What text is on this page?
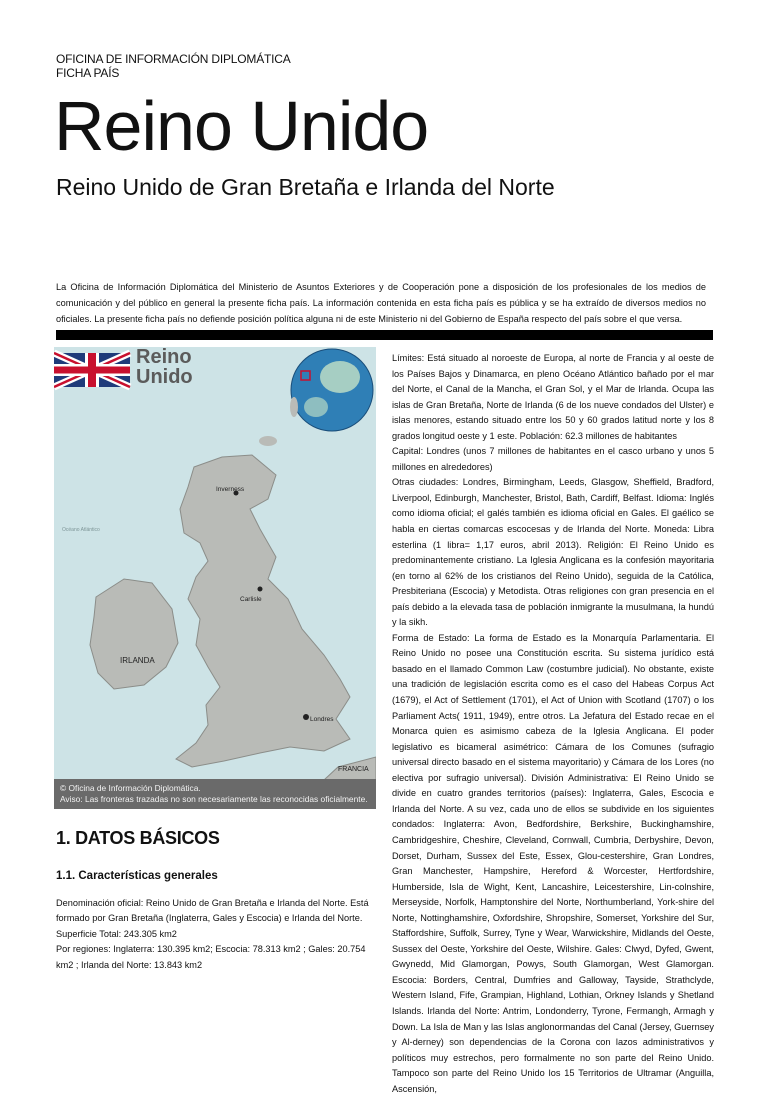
OFICINA DE INFORMACIÓN DIPLOMÁTICA
FICHA PAÍS
Reino Unido
Reino Unido de Gran Bretaña e Irlanda del Norte
La Oficina de Información Diplomática del Ministerio de Asuntos Exteriores y de Cooperación pone a disposición de los profesionales de los medios de comunicación y del público en general la presente ficha país. La información contenida en esta ficha país es pública y se ha extraído de diversos medios no oficiales. La presente ficha país no defiende posición política alguna ni de este Ministerio ni del Gobierno de España respecto del país sobre el que versa.
Inverness
Carlisle
IRLANDA
Londres
FRANCIA
Océano Atlántico
Reino
Unido
© Oficina de Información Diplomática.
Aviso: Las fronteras trazadas no son necesariamente las reconocidas oficialmente.
1. DATOS BÁSICOS
1.1. Características generales
Denominación oficial: Reino Unido de Gran Bretaña e Irlanda del Norte. Está formado por Gran Bretaña (Inglaterra, Gales y Escocia) e Irlanda del Norte.
Superficie Total: 243.305 km2
Por regiones: Inglaterra: 130.395 km2; Escocia: 78.313 km2 ; Gales: 20.754 km2 ; Irlanda del Norte: 13.843 km2

Límites: Está situado al noroeste de Europa, al norte de Francia y al oeste de los Países Bajos y Dinamarca, en pleno Océano Atlántico bañado por el mar del Norte, el Canal de la Mancha, el Gran Sol, y el Mar de Irlanda. Ocupa las islas de Gran Bretaña, Norte de Irlanda (6 de los nueve condados del Ulster) e islas menores, estando situado entre los 50 y 60 grados latitud norte y los 8 grados longitud oeste y 1 este. Población: 62.3 millones de habitantes

Capital: Londres (unos 7 millones de habitantes en el casco urbano y unos 5 millones en alrededores)

Otras ciudades: Londres, Birmingham, Leeds, Glasgow, Sheffield, Bradford, Liverpool, Edinburgh, Manchester, Bristol, Bath, Cardiff, Belfast. Idioma: Inglés como idioma oficial; el galés también es idioma oficial en Gales. El gaélico se habla en ciertas comarcas escocesas y de Irlanda del Norte. Moneda: Libra esterlina (1 libra= 1,17 euros, abril 2013). Religión: El Reino Unido es predominantemente cristiano. La Iglesia Anglicana es la confesión mayoritaria (en torno al 62% de los cristianos del Reino Unido), seguida de la Católica, Presbiteriana (Escocia) y Metodista. Otras religiones con gran presencia en el país debido a la elevada tasa de población inmigrante la musulmana, la hundú y la sikh.

Forma de Estado: La forma de Estado es la Monarquía Parlamentaria. El Reino Unido no posee una Constitución escrita. Su sistema jurídico está basado en el llamado Common Law (costumbre judicial). No obstante, existe una tradición de legislación escrita como es el caso del Habeas Corpus Act (1679), el Act of Settlement (1701), el Act of Union with Scotland (1707) o los Parliament Acts( 1911, 1949), entre otros. La Jefatura del Estado recae en el Monarca quien es asimismo cabeza de la Iglesia Anglicana. El poder legislativo es bicameral asimétrico: Cámara de los Comunes (sufragio universal directo basado en el sistema mayoritario) y Cámara de los Lores (no electiva por sufragio universal). División Administrativa: El Reino Unido se divide en cuatro grandes territorios (países): Inglaterra, Gales, Escocia e Irlanda del Norte. A su vez, cada uno de ellos se subdivide en los siguientes condados: Inglaterra: Avon, Bedfordshire, Berkshire, Buckinghamshire, Cambridgeshire, Cheshire, Cleveland, Cornwall, Cumbria, Derbyshire, Devon, Dorset, Durham, Sussex del Este, Essex, Glou-cestershire, Gran Londres, Gran Manchester, Hampshire, Hereford & Worcester, Hertfordshire, Humberside, Isla de Wight, Kent, Lancashire, Leicestershire, Lin-colnshire, Merseyside, Norfolk, Hamptonshire del Norte, Northumberland, York-shire del Norte, Nottinghamshire, Oxfordshire, Shropshire, Somerset, Yorkshire del Sur, Staffordshire, Suffolk, Surrey, Tyne y Wear, Warwickshire, Midlands del Oeste, Sussex del Oeste, Yorkshire del Oeste, Wilshire. Gales: Clwyd, Dyfed, Gwent, Gwynedd, Mid Glamorgan, Powys, South Glamorgan, West Glamorgan. Escocia: Borders, Central, Dumfries and Galloway, Tayside, Strathclyde, Western Island, Fife, Grampian, Highland, Lothian, Orkney Islands y Shetland Islands. Irlanda del Norte: Antrim, Londonderry, Tyrone, Fermangh, Armagh y Down. La Isla de Man y las Islas anglonormandas del Canal (Jersey, Guernsey y Al-derney) son dependencias de la Corona con lazos administrativos y políticos muy estrechos, pero formalmente no son parte del Reino Unido. Tampoco son parte del Reino Unido los 15 Territorios de Ultramar (Anguilla, Ascensión,
